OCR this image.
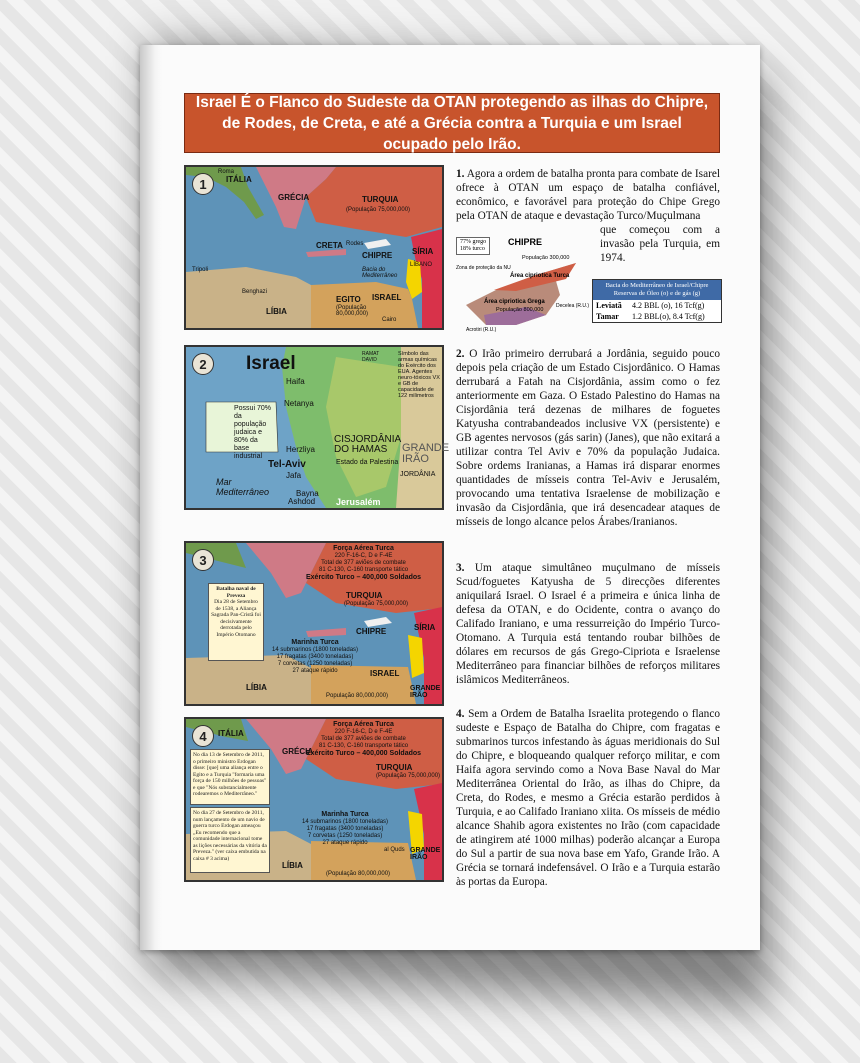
Israel É o Flanco do Sudeste da OTAN protegendo as ilhas do Chipre, de Rodes, de Creta, e até a Grécia contra a Turquia e um Israel ocupado pelo Irão.
1	ITÁLIA
Roma
GRÉCIA	TURQUIA
(População 75,000,000)
CRETA Rodes
CHIPRE SÍRIA
LÍBANO
Bacia do Mediterrâneo
ISRAEL
Tripoli
Benghazi
LÍBIA
EGITO
(População 80,000,000)
Cairo
2	Israel
Haifa
Netanya
Herzliya
Tel-Aviv
Jafa
Mar Mediterrâneo	Bayna
Ashdod Jerusalém
CISJORDÂNIA DO HAMAS
Estado da Palestina
GRANDE IRÃO
JORDÂNIA
RAMAT DAVID
Possui 70% da população judaica e 80% da base industrial
Símbolo das armas químicas do Exército dos EUA. Agentes neuro-tóxicos VX e GB de capacidade de 122 milimetros
3
Força Aérea Turca
220 F-16-C, D e F-4E
Total de 377 aviões de combate
81 C-130, C-160 transporte tático
Exército Turco – 400,000 Soldados
TURQUIA
(População 75,000,000)
Batalha naval de Preveza
Dia 28 de Setembro de 1538, a Aliança Sagrada Pan-Cristã foi decisivamente derrotada pelo Império Otomano
Marinha Turca
14 submarinos (1800 toneladas)
17 fragatas (3400 toneladas)
7 corvetas (1250 toneladas)
27 ataque rápido
CHIPRE	SÍRIA
ISRAEL
GRANDE IRÃO
LÍBIA
População 80,000,000)
4	ITÁLIA
GRÉCIA
Força Aérea Turca
220 F-16-C, D e F-4E
Total de 377 aviões de combate
81 C-130, C-160 transporte tático
Exército Turco – 400,000 Soldados
TURQUIA
(População 75,000,000)
No dia 13 de Setembro de 2011, o primeiro ministro Erdogan disse: [que] uma aliança entre o Egito e a Turquia "formaria uma força de 150 milhões de pessoas" e que "Nós substancialmente rodearemos o Mediterrâneo."
No dia 27 de Setembro de 2011, num lançamento de um navio de guerra turco Erdogan ameaçou „Eu recomendo que a comunidade internacional tome as lições necessárias da vitória da Preveza." (ver caixa embutida na caixa # 3 acima)
Marinha Turca
14 submarinos (1800 toneladas)
17 fragatas (3400 toneladas)
7 corvetas (1250 toneladas)
27 ataque rápido
al Quds GRANDE IRÃO
LÍBIA
(População 80,000,000)

1. Agora a ordem de batalha pronta para combate de Isarel ofrece à OTAN um espaço de batalha confiável, econômico, e favorável para proteção do Chipe Grego pela OTAN de ataque e devastação Turco/Muçulmana

que começou com a invasão pela Turquia, em 1974.

77% grego
18% turco
CHIPRE
População 300,000
Zona de proteção da NU
Área cipriotica Turca
Área cipriotica Grega
População 800,000
Acrotiri (R.U.)
Decelea (R.U.)
Bacia do Mediterrâneo de Israel/Chipre Reservas de Óleo (o) e de gás (g)
Leviatã	4.2 BBL (o), 16 Tcf(g)
Tamar	1.2 BBL(o), 8.4 Tcf(g)

2. O Irão primeiro derrubará a Jordânia, seguido pouco depois pela criação de um Estado Cisjordânico. O Hamas derrubará a Fatah na Cisjordânia, assim como o fez anteriormente em Gaza. O Estado Palestino do Hamas na Cisjordânia terá dezenas de milhares de foguetes Katyusha contrabandeados inclusive VX (persistente) e GB agentes nervosos (gás sarin) (Janes), que não exitará a utilizar contra Tel Aviv e 70% da população Judaica. Sobre ordems Iranianas, a Hamas irá disparar enormes quantidades de mísseis contra Tel-Aviv e Jerusalém, provocando uma tentativa Israelense de mobilização e invasão da Cisjordânia, que irá desencadear ataques de mísseis de longo alcance pelos Árabes/Iranianos.

3. Um ataque simultâneo muçulmano de mísseis Scud/foguetes Katyusha de 5 direcções diferentes aniquilará Israel. O Israel é a primeira e única linha de defesa da OTAN, e do Ocidente, contra o avanço do Califado Iraniano, e uma ressurreição do Império Turco-Otomano. A Turquia está tentando roubar bilhões de dólares em recursos de gás Grego-Cipriota e Israelense Mediterrâneo para financiar bilhões de reforços militares islâmicos Mediterrâneos.

4. Sem a Ordem de Batalha Israelita protegendo o flanco sudeste e Espaço de Batalha do Chipre, com fragatas e submarinos turcos infestando às águas meridionais do Sul do Chipre, e bloqueando qualquer reforço militar, e com Haifa agora servindo como a Nova Base Naval do Mar Mediterrânea Oriental do Irão, as ilhas do Chipre, da Creta, do Rodes, e mesmo a Grécia estarão perdidos à Turquia, e ao Califado Iraniano xiita. Os mísseis de médio alcance Shahib agora existentes no Irão (com capacidade de atingirem até 1000 milhas) poderão alcançar a Europa do Sul a partir de sua nova base em Yafo, Grande Irão. A Grécia se tornará indefensável. O Irão e a Turquia estarão às portas da Europa.
